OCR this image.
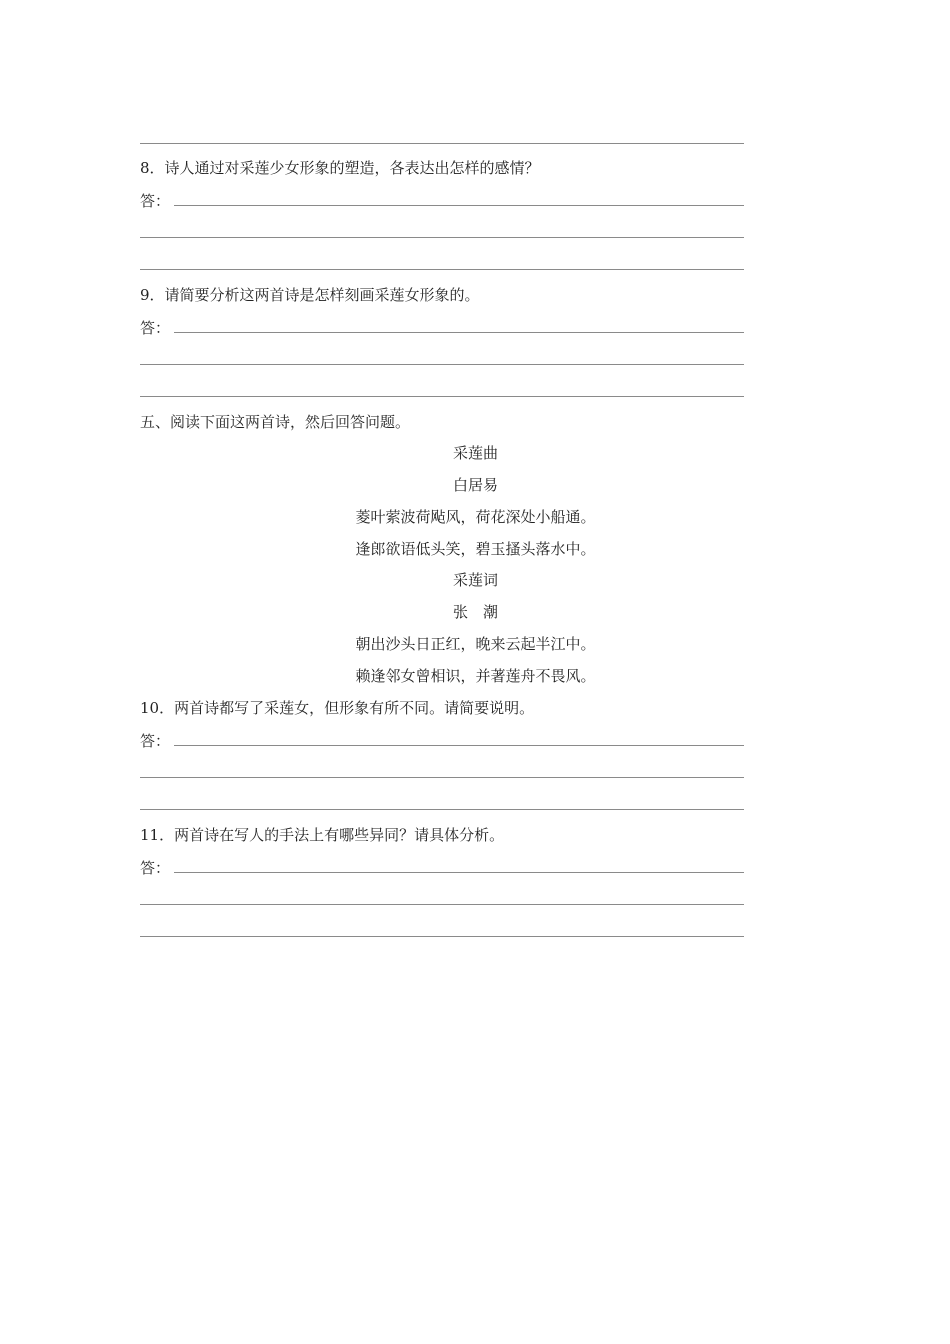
8．诗人通过对采莲少女形象的塑造，各表达出怎样的感情？
答：
9．请简要分析这两首诗是怎样刻画采莲女形象的。
答：
五、阅读下面这两首诗，然后回答问题。
采莲曲
白居易
菱叶萦波荷飐风，荷花深处小船通。
逢郎欲语低头笑，碧玉搔头落水中。
采莲词
张　潮
朝出沙头日正红，晚来云起半江中。
赖逢邻女曾相识，并著莲舟不畏风。
10．两首诗都写了采莲女，但形象有所不同。请简要说明。
答：
11．两首诗在写人的手法上有哪些异同？请具体分析。
答：
